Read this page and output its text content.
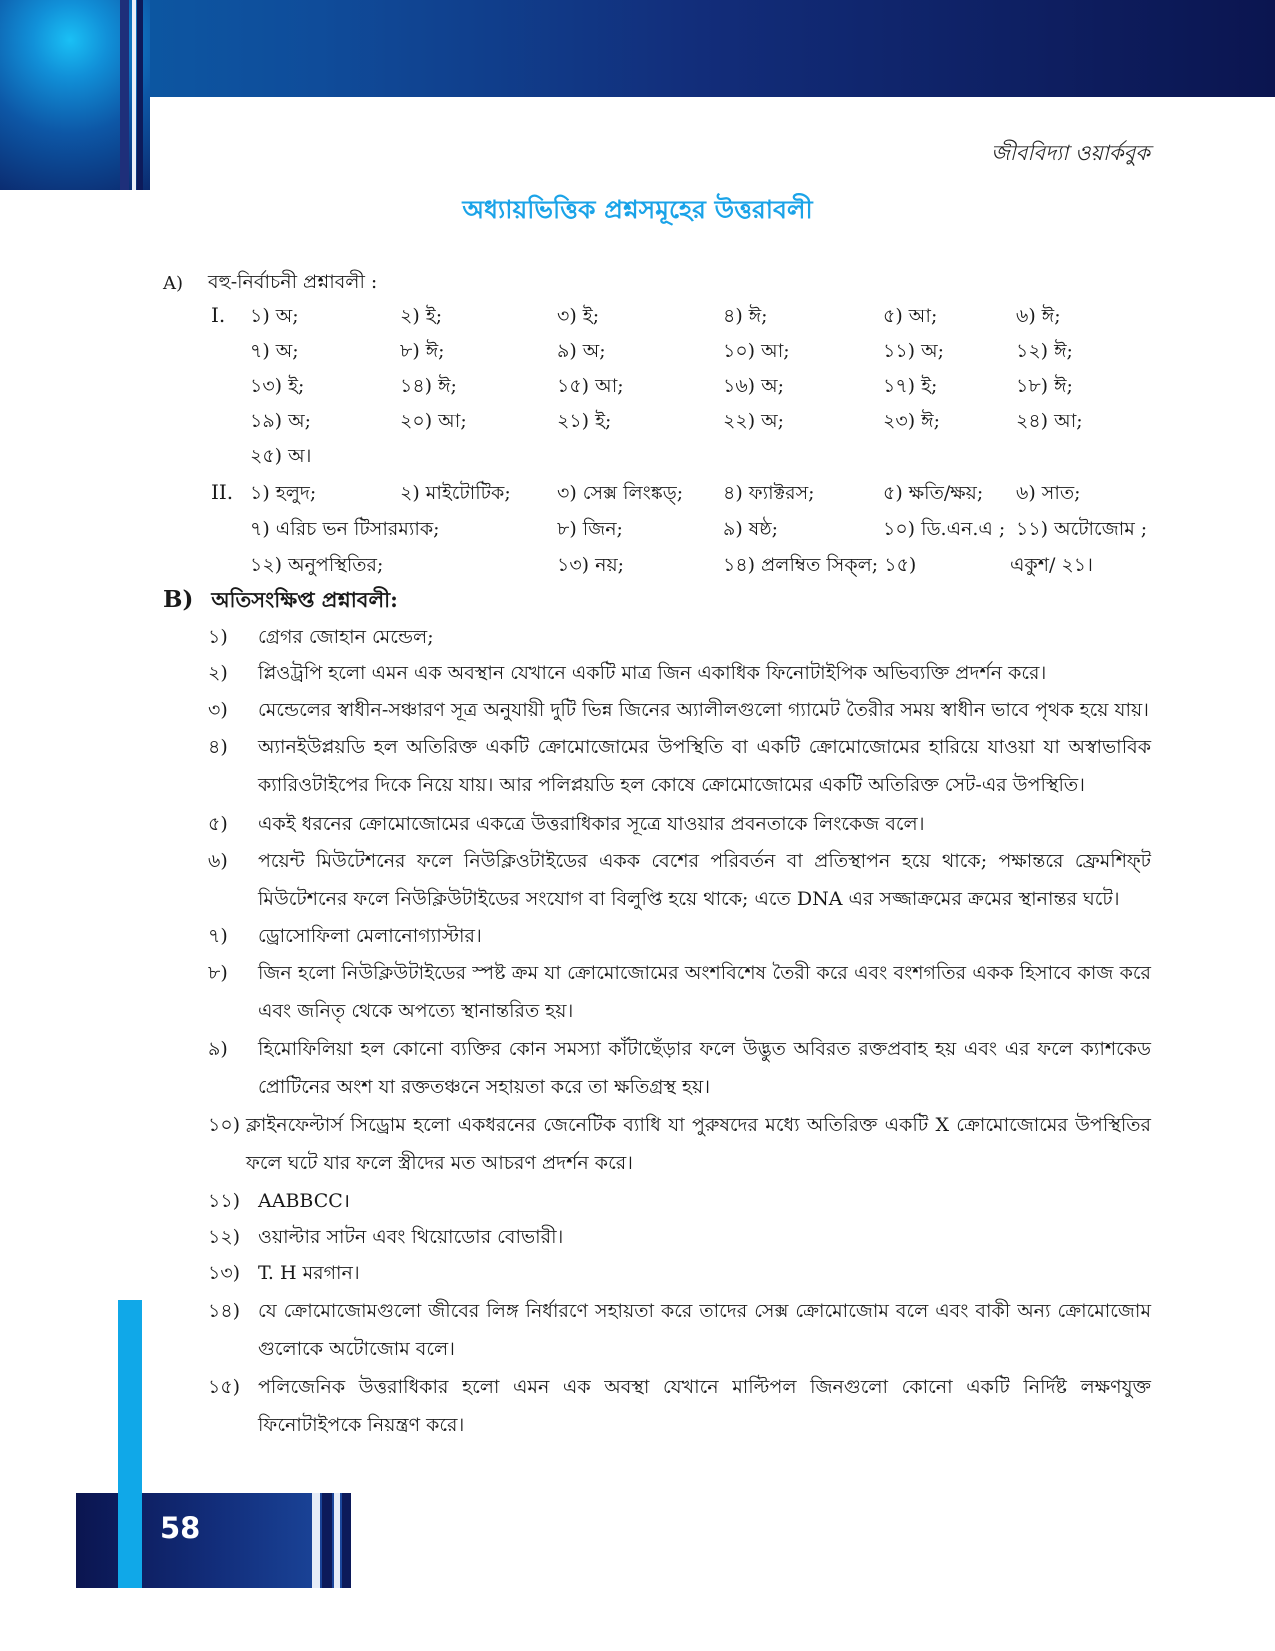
জীববিদ্যা ওয়ার্কবুক
অধ্যায়ভিত্তিক প্রশ্নসমূহের উত্তরাবলী
A) বহু-নির্বাচনী প্রশ্নাবলী :
I. ১) অ;	২) ই;	৩) ই;	৪) ঈ;	৫) আ;	৬) ঈ;
৭) অ;	৮) ঈ;	৯) অ;	১০) আ;	১১) অ;	১২) ঈ;
১৩) ই;	১৪) ঈ;	১৫) আ;	১৬) অ;	১৭) ই;	১৮) ঈ;
১৯) অ;	২০) আ;	২১) ই;	২২) অ;	২৩) ঈ;	২৪) আ;
২৫) অ।
II. ১) হলুদ;	২) মাইটোটিক; ৩) সেক্স লিংঙ্কড্; ৪) ফ্যাক্টরস;	৫) ক্ষতি/ক্ষয়; ৬) সাত;
৭) এরিচ ভন টিসারম্যাক;	৮) জিন;	৯) ষষ্ঠ;	১০) ডি.এন.এ ; ১১) অটোজোম ;
১২) অনুপস্থিতির;	১৩) নয়;	১৪) প্রলম্বিত সিক্‌ল; ১৫)	একুশ/ ২১।
B) অতিসংক্ষিপ্ত প্রশ্নাবলী:
১)	গ্রেগর জোহান মেন্ডেল;
২)	প্লিওট্রপি হলো এমন এক অবস্থান যেখানে একটি মাত্র জিন একাধিক ফিনোটাইপিক অভিব্যক্তি প্রদর্শন করে।
৩)	মেন্ডেলের স্বাধীন-সঞ্চারণ সূত্র অনুযায়ী দুটি ভিন্ন জিনের অ্যালীলগুলো গ্যামেট তৈরীর সময় স্বাধীন ভাবে পৃথক হয়ে যায়।
৪)	অ্যানইউপ্লয়ডি হল অতিরিক্ত একটি ক্রোমোজোমের উপস্থিতি বা একটি ক্রোমোজোমের হারিয়ে যাওয়া যা অস্বাভাবিক ক্যারিওটাইপের দিকে নিয়ে যায়। আর পলিপ্লয়ডি হল কোষে ক্রোমোজোমের একটি অতিরিক্ত সেট-এর উপস্থিতি।
৫)	একই ধরনের ক্রোমোজোমের একত্রে উত্তরাধিকার সূত্রে যাওয়ার প্রবনতাকে লিংকেজ বলে।
৬)	পয়েন্ট মিউটেশনের ফলে নিউক্লিওটাইডের একক বেশের পরিবর্তন বা প্রতিস্থাপন হয়ে থাকে; পক্ষান্তরে ফ্রেমশিফ্‌ট মিউটেশনের ফলে নিউক্লিউটাইডের সংযোগ বা বিলুপ্তি হয়ে থাকে; এতে DNA এর সজ্জাক্রমের ক্রমের স্থানান্তর ঘটে।
৭)	ড্রোসোফিলা মেলানোগ্যাস্টার।
৮)	জিন হলো নিউক্লিউটাইডের স্পষ্ট ক্রম যা ক্রোমোজোমের অংশবিশেষ তৈরী করে এবং বংশগতির একক হিসাবে কাজ করে এবং জনিতৃ থেকে অপত্যে স্থানান্তরিত হয়।
৯)	হিমোফিলিয়া হল কোনো ব্যক্তির কোন সমস্যা কাঁটাছেঁড়ার ফলে উদ্ভুত অবিরত রক্তপ্রবাহ হয় এবং এর ফলে ক্যাশকেড প্রোটিনের অংশ যা রক্ততঞ্চনে সহায়তা করে তা ক্ষতিগ্রস্থ হয়।
১০) ক্লাইনফেল্টার্স সিড্রোম হলো একধরনের জেনেটিক ব্যাধি যা পুরুষদের মধ্যে অতিরিক্ত একটি X ক্রোমোজোমের উপস্থিতির ফলে ঘটে যার ফলে স্ত্রীদের মত আচরণ প্রদর্শন করে।
১১) AABBCC।
১২) ওয়াল্টার সাটন এবং থিয়োডোর বোভারী।
১৩) T. H মরগান।
১৪) যে ক্রোমোজোমগুলো জীবের লিঙ্গ নির্ধারণে সহায়তা করে তাদের সেক্স ক্রোমোজোম বলে এবং বাকী অন্য ক্রোমোজোম গুলোকে অটোজোম বলে।
১৫) পলিজেনিক উত্তরাধিকার হলো এমন এক অবস্থা যেখানে মাল্টিপল জিনগুলো কোনো একটি নির্দিষ্ট লক্ষণযুক্ত ফিনোটাইপকে নিয়ন্ত্রণ করে।
58
